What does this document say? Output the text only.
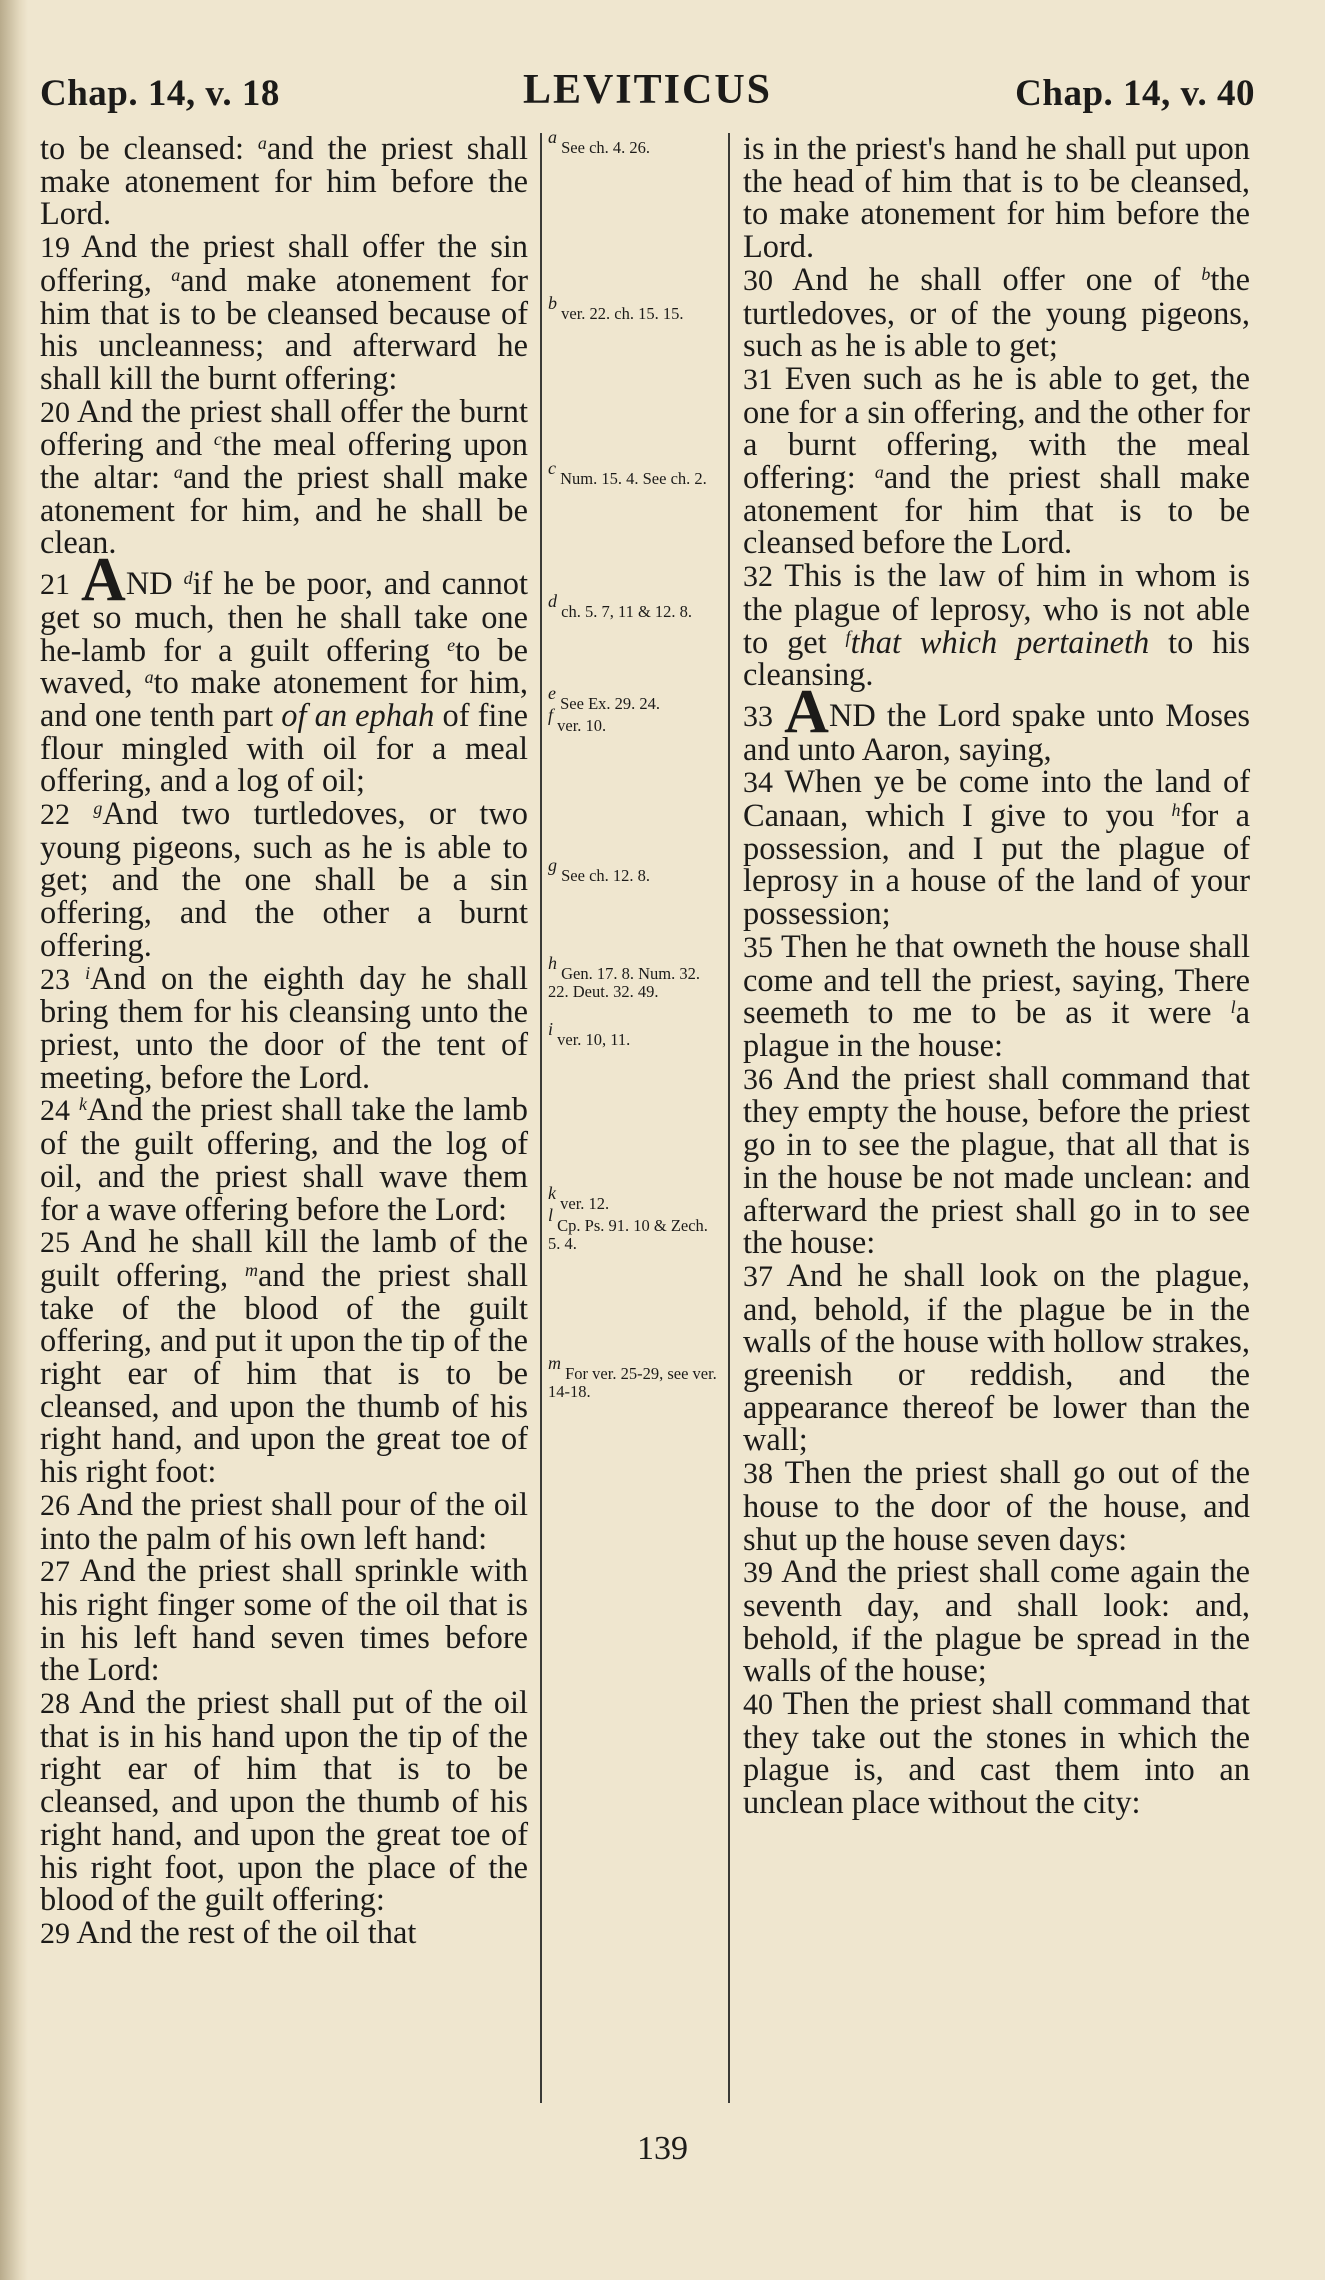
Chap. 14, v. 18	LEVITICUS	Chap. 14, v. 40

to be cleansed: $^a$and the priest shall make atonement for him before the Lord.

19 And the priest shall offer the sin offering, $^a$and make atonement for him that is to be cleansed because of his uncleanness; and afterward he shall kill the burnt offering:

20 And the priest shall offer the burnt offering and $^c$the meal offering upon the altar: $^a$and the priest shall make atonement for him, and he shall be clean.

21 AND $^d$if he be poor, and cannot get so much, then he shall take one he-lamb for a guilt offering $^e$to be waved, $^a$to make atonement for him, and one tenth part of an ephah of fine flour mingled with oil for a meal offering, and a log of oil;

22 $^g$And two turtledoves, or two young pigeons, such as he is able to get; and the one shall be a sin offering, and the other a burnt offering.

23 $^i$And on the eighth day he shall bring them for his cleansing unto the priest, unto the door of the tent of meeting, before the Lord.

24 $^k$And the priest shall take the lamb of the guilt offering, and the log of oil, and the priest shall wave them for a wave offering before the Lord:

25 And he shall kill the lamb of the guilt offering, $^m$and the priest shall take of the blood of the guilt offering, and put it upon the tip of the right ear of him that is to be cleansed, and upon the thumb of his right hand, and upon the great toe of his right foot:

26 And the priest shall pour of the oil into the palm of his own left hand:

27 And the priest shall sprinkle with his right finger some of the oil that is in his left hand seven times before the Lord:

28 And the priest shall put of the oil that is in his hand upon the tip of the right ear of him that is to be cleansed, and upon the thumb of his right hand, and upon the great toe of his right foot, upon the place of the blood of the guilt offering:

29 And the rest of the oil that

a See ch. 4. 26.
b ver. 22. ch. 15. 15.
c Num. 15. 4. See ch. 2.
d ch. 5. 7, 11 & 12. 8.
e See Ex. 29. 24.
f ver. 10.
g See ch. 12. 8.
h Gen. 17. 8. Num. 32. 22. Deut. 32. 49.
i ver. 10, 11.
k ver. 12.
l Cp. Ps. 91. 10 & Zech. 5. 4.
m For ver. 25-29, see ver. 14-18.

is in the priest's hand he shall put upon the head of him that is to be cleansed, to make atonement for him before the Lord.

30 And he shall offer one of $^b$the turtledoves, or of the young pigeons, such as he is able to get;

31 Even such as he is able to get, the one for a sin offering, and the other for a burnt offering, with the meal offering: $^a$and the priest shall make atonement for him that is to be cleansed before the Lord.

32 This is the law of him in whom is the plague of leprosy, who is not able to get $^f$that which pertaineth to his cleansing.

33 AND the Lord spake unto Moses and unto Aaron, saying,

34 When ye be come into the land of Canaan, which I give to you $^h$for a possession, and I put the plague of leprosy in a house of the land of your possession;

35 Then he that owneth the house shall come and tell the priest, saying, There seemeth to me to be as it were $^l$a plague in the house:

36 And the priest shall command that they empty the house, before the priest go in to see the plague, that all that is in the house be not made unclean: and afterward the priest shall go in to see the house:

37 And he shall look on the plague, and, behold, if the plague be in the walls of the house with hollow strakes, greenish or reddish, and the appearance thereof be lower than the wall;

38 Then the priest shall go out of the house to the door of the house, and shut up the house seven days:

39 And the priest shall come again the seventh day, and shall look: and, behold, if the plague be spread in the walls of the house;

40 Then the priest shall command that they take out the stones in which the plague is, and cast them into an unclean place without the city:

139
